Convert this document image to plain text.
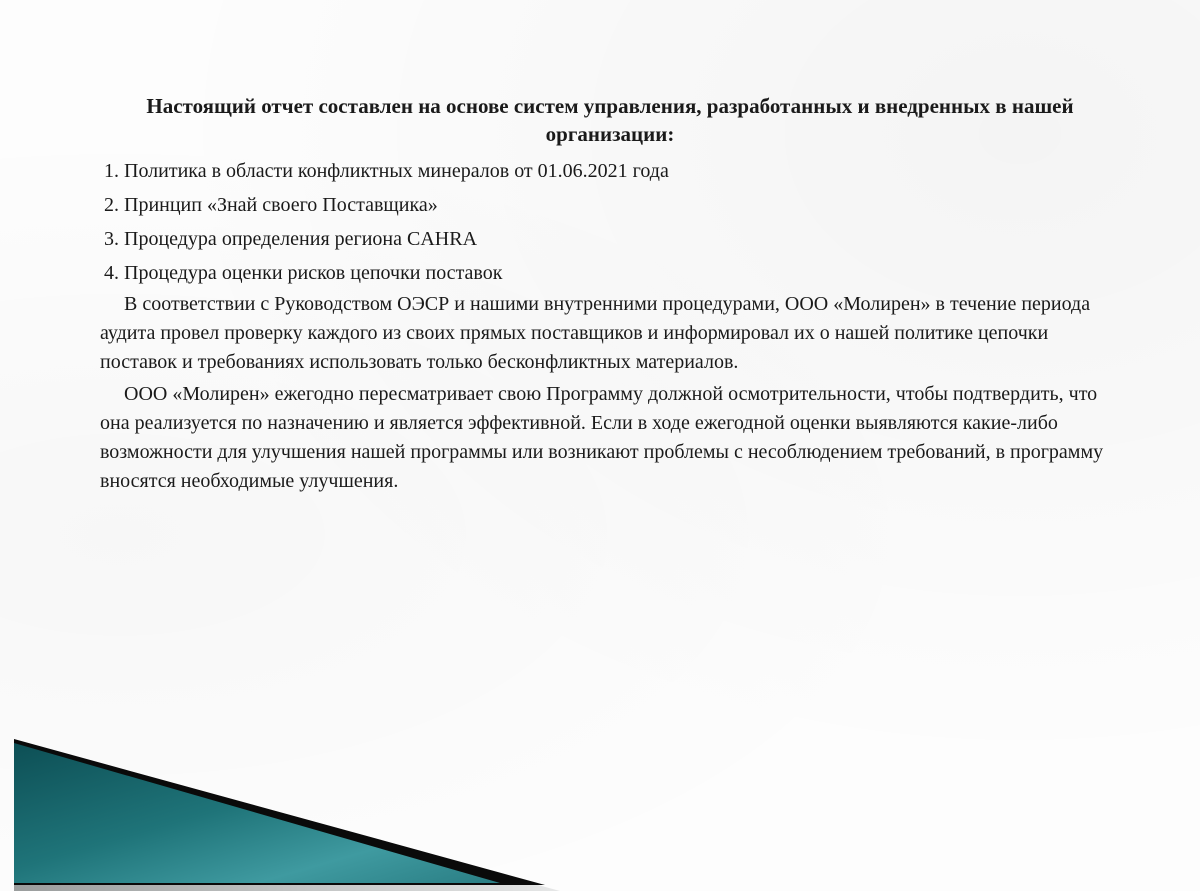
Настоящий отчет составлен на основе систем управления, разработанных и внедренных в нашей организации:
1. Политика в области конфликтных минералов от 01.06.2021 года
2. Принцип «Знай своего Поставщика»
3. Процедура определения региона CAHRA
4. Процедура оценки рисков цепочки поставок

В соответствии с Руководством ОЭСР и нашими внутренними процедурами, ООО «Молирен» в течение периода аудита провел проверку каждого из своих прямых поставщиков и информировал их о нашей политике цепочки поставок и требованиях использовать только бесконфликтных материалов.

ООО «Молирен» ежегодно пересматривает свою Программу должной осмотрительности, чтобы подтвердить, что она реализуется по назначению и является эффективной. Если в ходе ежегодной оценки выявляются какие-либо возможности для улучшения нашей программы или возникают проблемы с несоблюдением требований, в программу вносятся необходимые улучшения.
